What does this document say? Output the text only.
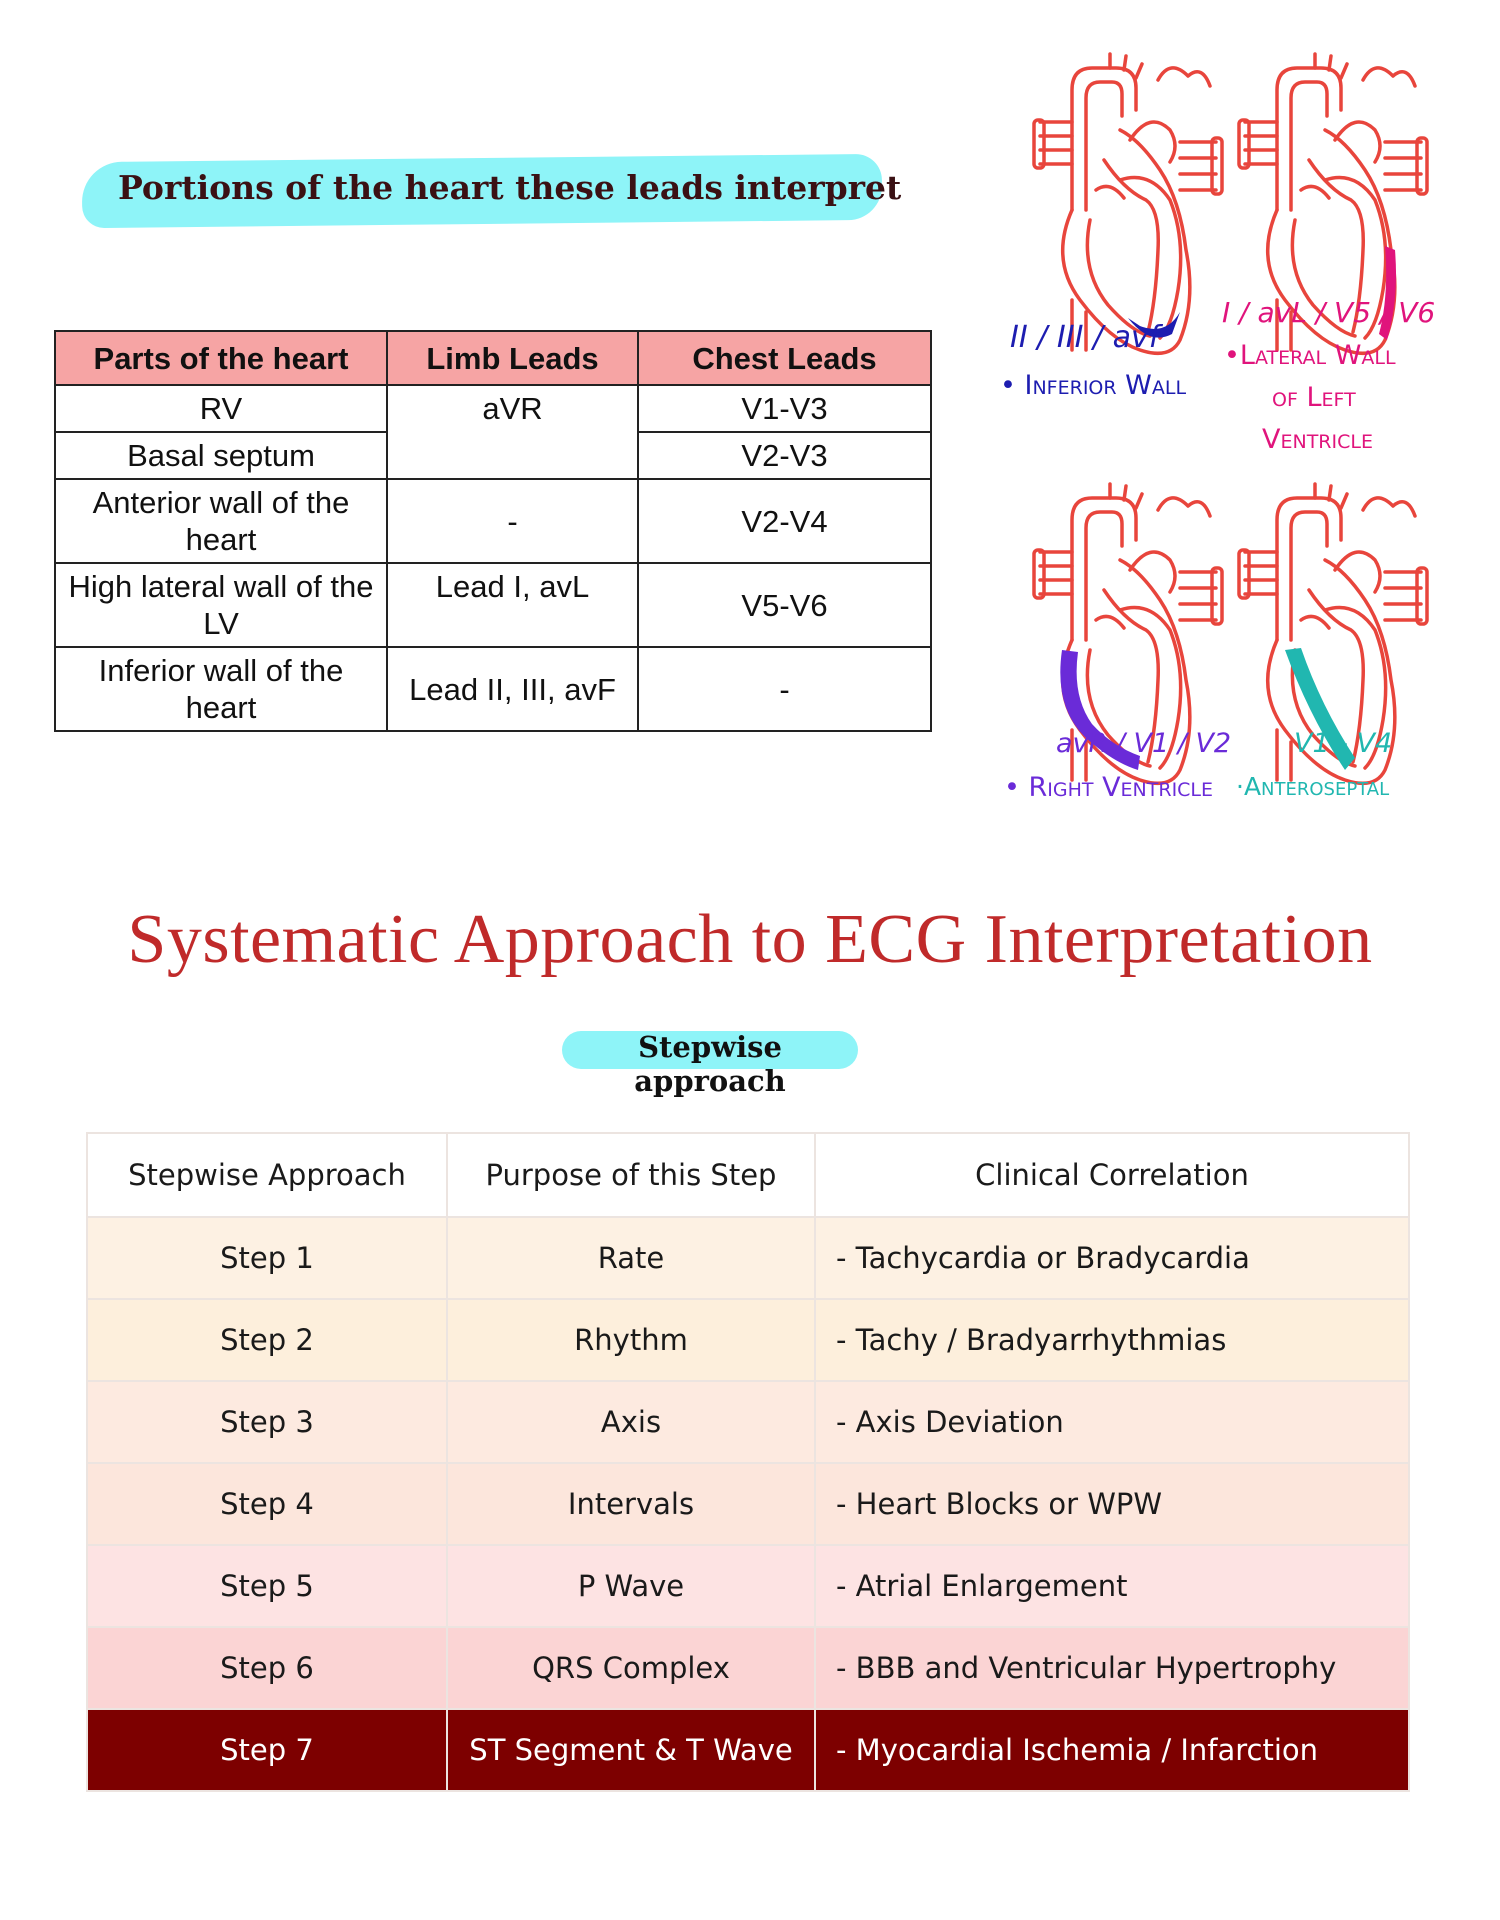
Portions of the heart these leads interpret
Parts of the heart	Limb Leads	Chest Leads
RV	aVR	V1-V3
Basal septum		V2-V3
Anterior wall of the heart	-	V2-V4
High lateral wall of the LV	Lead I, avL	V5-V6
Inferior wall of the heart	Lead II, III, avF	-
II / III / avf
• Inferior Wall
I / avL / V5 / V6
•Lateral Wall
of Left
Ventricle
avR / V1 / V2
• Right Ventricle
V1 - V4
·Anteroseptal
Systematic Approach to ECG Interpretation
Stepwise approach
Stepwise Approach	Purpose of this Step	Clinical Correlation
Step 1	Rate	- Tachycardia or Bradycardia
Step 2	Rhythm	- Tachy / Bradyarrhythmias
Step 3	Axis	- Axis Deviation
Step 4	Intervals	- Heart Blocks or WPW
Step 5	P Wave	- Atrial Enlargement
Step 6	QRS Complex	- BBB and Ventricular Hypertrophy
Step 7	ST Segment & T Wave	- Myocardial Ischemia / Infarction
